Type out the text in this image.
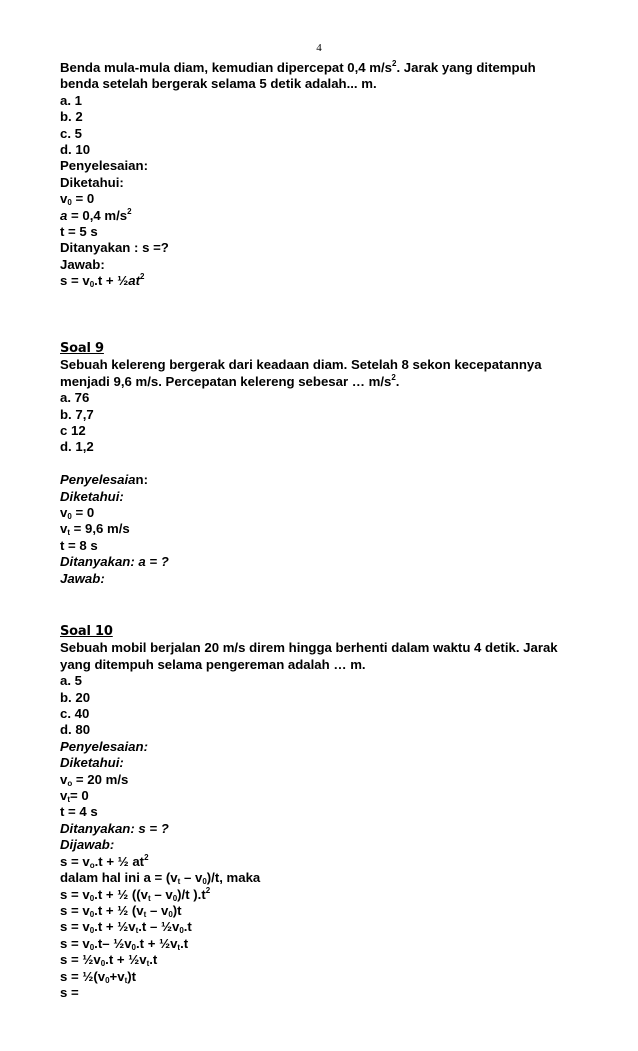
4
Benda mula-mula diam, kemudian dipercepat 0,4 $m/s^2$. Jarak yang ditempuh
benda setelah bergerak selama 5 detik adalah... m.
a. 1
b. 2
c. 5
d. 10
Penyelesaian:
Diketahui:
$v_0 = 0$
a = 0,4 $m/s^2$
t = 5 s
Ditanyakan : s =?
Jawab:
$s = v_0.t$ + $\frac{1}{2}at^2$
Soal 9
Sebuah kelereng bergerak dari keadaan diam. Setelah 8 sekon kecepatannya
menjadi 9,6 m/s. Percepatan kelereng sebesar … $m/s^2$.
a. 76
b. 7,7
c 12
d. 1,2
Penyelesaian:
Diketahui:
$v_0 = 0$
$v_t = 9,6$ m/s
t = 8 s
Ditanyakan: a = ?
Jawab:
Soal 10
Sebuah mobil berjalan 20 m/s direm hingga berhenti dalam waktu 4 detik. Jarak
yang ditempuh selama pengereman adalah … m.
a. 5
b. 20
c. 40
d. 80
Penyelesaian:
Diketahui:
$v_o = 20$ m/s
$v_t= 0$
t = 4 s
Ditanyakan: s = ?
Dijawab:
$s = v_o.t$ + ½ $at^2$
dalam hal ini $a = (v_t - v_0)/t$, maka
$s = v_0.t$ + ½ ($(v_t - v_0)/t$ )$.t^2$
$s = v_0.t$ + ½ $(v_t - v_0)t$
$s = v_0.t$ + $\frac{1}{2}v_t.t$ – $\frac{1}{2}v_0.t$
$s = v_0.t-$ $\frac{1}{2}v_0.t$ + $\frac{1}{2}v_t.t$
$s = \frac{1}{2}v_0.t$ + $\frac{1}{2}v_t.t$
$s = \frac{1}{2}(v_0+v_t)t$
s =
